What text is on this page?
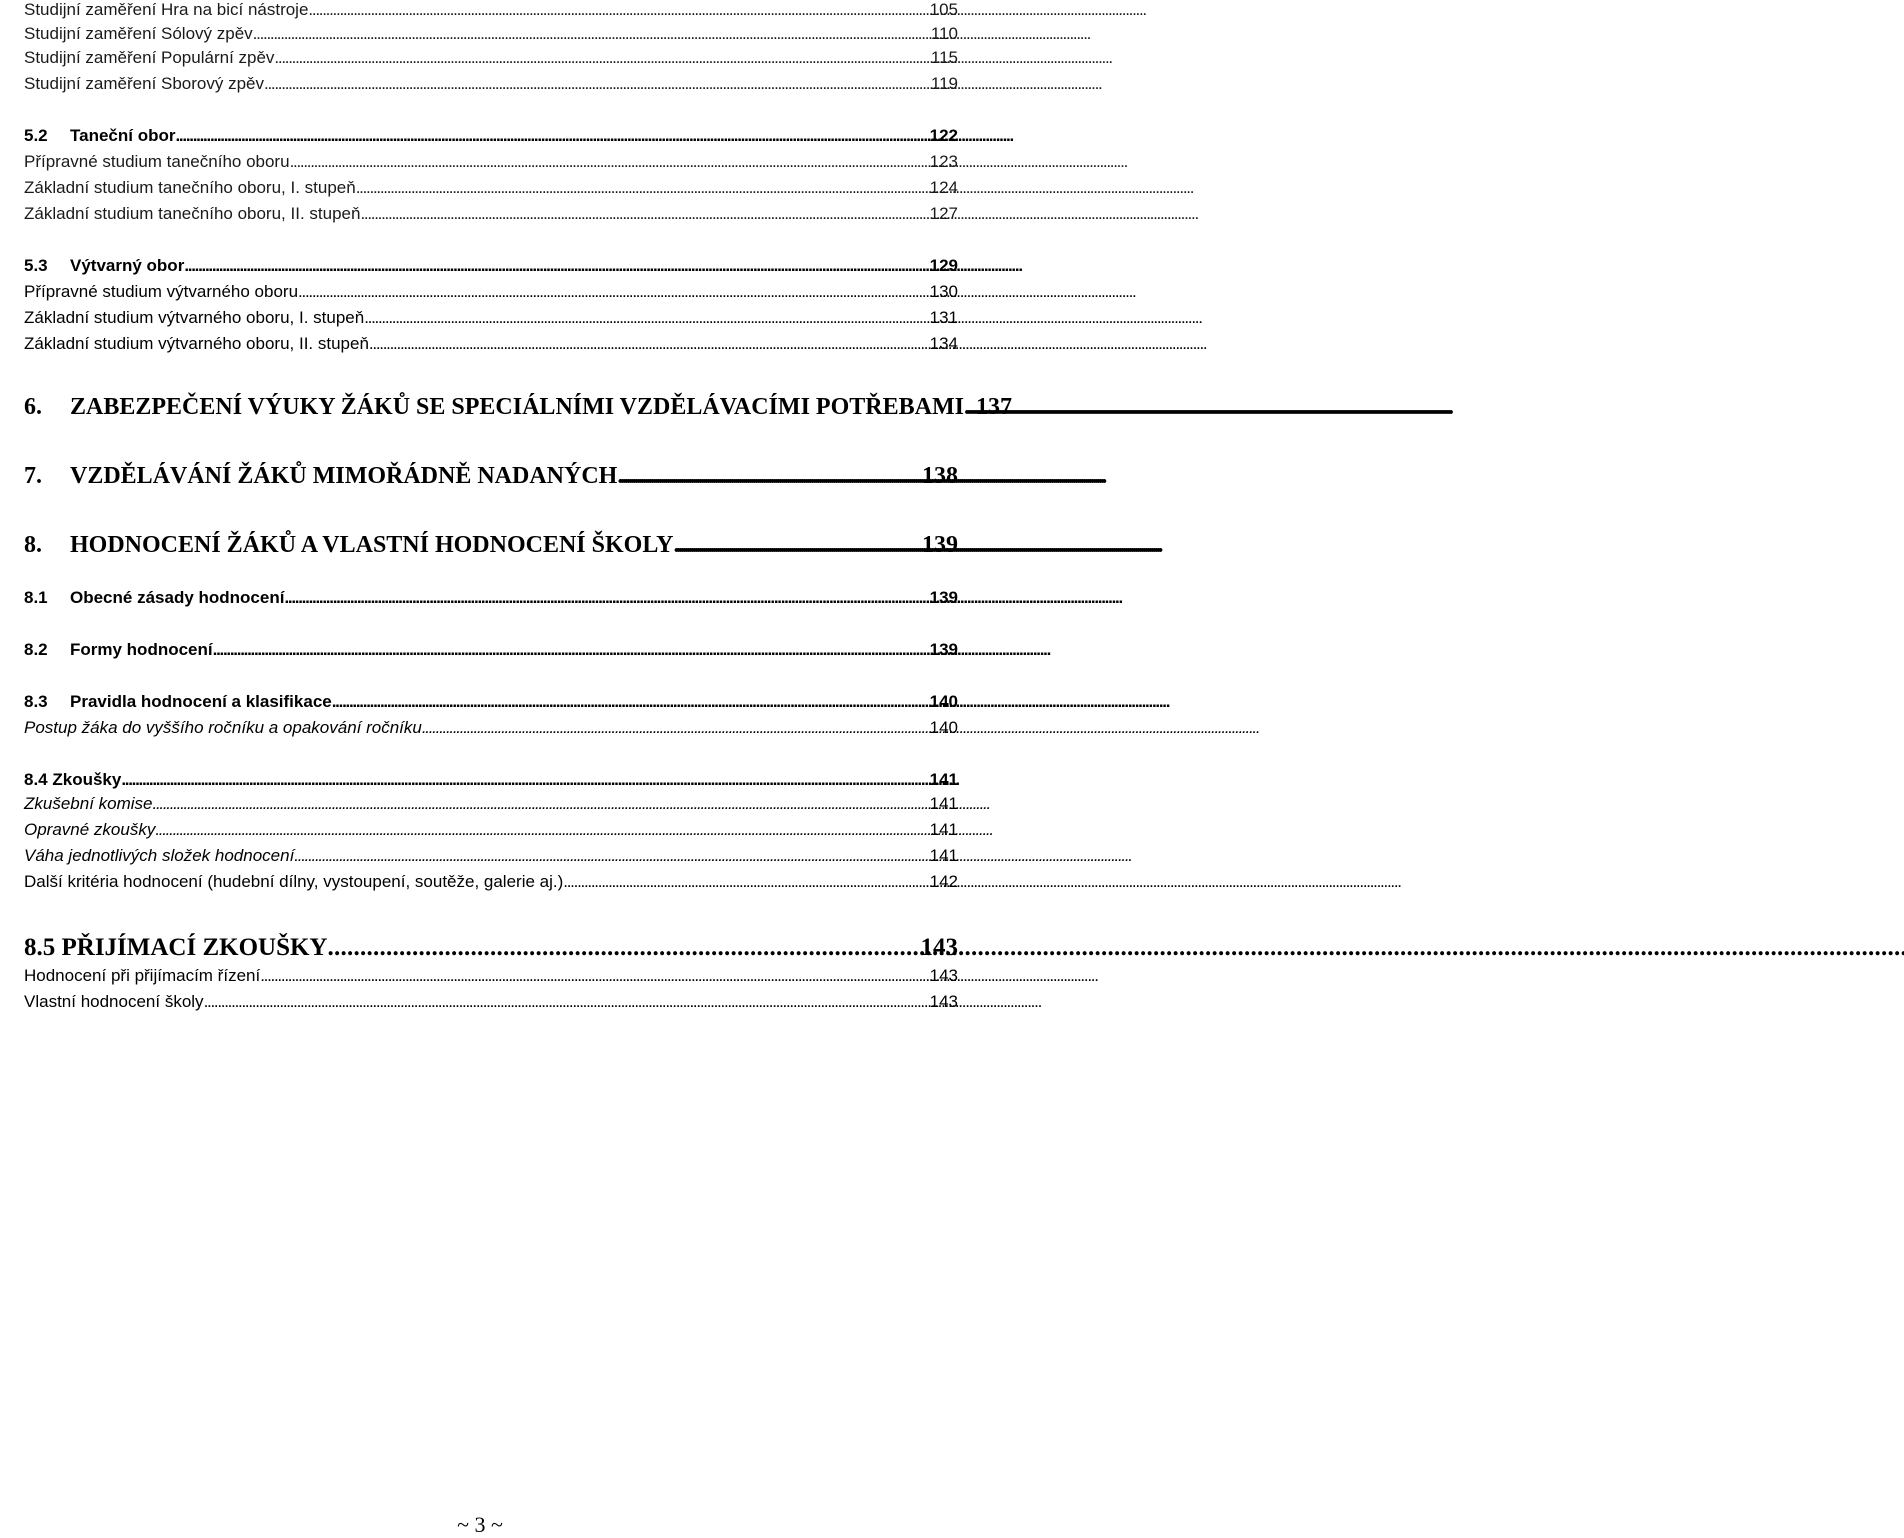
Studijní zaměření Hra na bicí nástroje . . .	105
Studijní zaměření Sólový zpěv . . .	110
Studijní zaměření Populární zpěv . . .	115
Studijní zaměření Sborový zpěv . . .	119
5.2 Taneční obor . . .	122
Přípravné studium tanečního oboru . . .	123
Základní studium tanečního oboru, I. stupeň . . .	124
Základní studium tanečního oboru, II. stupeň . . .	127
5.3 Výtvarný obor . . .	129
Přípravné studium výtvarného oboru . . .	130
Základní studium výtvarného oboru, I. stupeň . . .	131
Základní studium výtvarného oboru, II. stupeň . . .	134
6. ZABEZPEČENÍ VÝUKY ŽÁKŮ SE SPECIÁLNÍMI VZDĚLÁVACÍMI POTŘEBAMI . . . 137
7. VZDĚLÁVÁNÍ ŽÁKŮ MIMOŘÁDNĚ NADANÝCH . . .	138
8. HODNOCENÍ ŽÁKŮ A VLASTNÍ HODNOCENÍ ŠKOLY . . .	139
8.1 Obecné zásady hodnocení . . .	139
8.2 Formy hodnocení . . .	139
8.3 Pravidla hodnocení a klasifikace . . .	140
Postup žáka do vyššího ročníku a opakování ročníku . . .	140
8.4 Zkoušky . . .	141
Zkušební komise . . .	141
Opravné zkoušky . . .	141
Váha jednotlivých složek hodnocení . . .	141
Další kritéria hodnocení (hudební dílny, vystoupení, soutěže, galerie aj.) . . .	142
8.5 PŘIJÍMACÍ ZKOUŠKY . . .	143
Hodnocení při přijímacím řízení . . .	143
Vlastní hodnocení školy . . .	143
~ 3 ~
